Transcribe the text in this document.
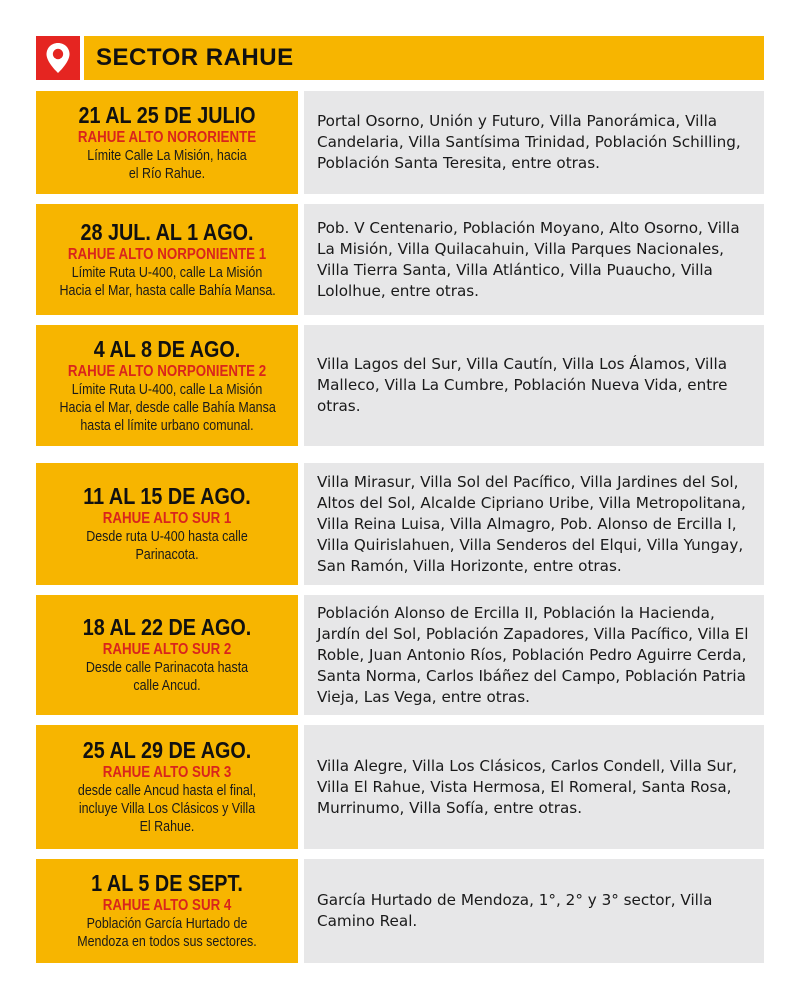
SECTOR RAHUE
21 AL 25 DE JULIO
RAHUE ALTO NORORIENTE
Límite Calle La Misión, hacia
el Río Rahue.
Portal Osorno, Unión y Futuro, Villa Panorámica, Villa Candelaria, Villa Santísima Trinidad, Población Schilling, Población Santa Teresita, entre otras.
28 JUL. AL 1 AGO.
RAHUE ALTO NORPONIENTE 1
Límite Ruta U-400, calle La Misión
Hacia el Mar, hasta calle Bahía Mansa.
Pob. V Centenario, Población Moyano, Alto Osorno, Villa La Misión, Villa Quilacahuin, Villa Parques Nacionales, Villa Tierra Santa, Villa Atlántico, Villa Puaucho, Villa Lololhue, entre otras.
4 AL 8 DE AGO.
RAHUE ALTO NORPONIENTE 2
Límite Ruta U-400, calle La Misión
Hacia el Mar, desde calle Bahía Mansa
hasta el límite urbano comunal.
Villa Lagos del Sur, Villa Cautín, Villa Los Álamos, Villa Malleco, Villa La Cumbre, Población Nueva Vida, entre otras.
11 AL 15 DE AGO.
RAHUE ALTO SUR 1
Desde ruta U-400 hasta calle
Parinacota.
Villa Mirasur, Villa Sol del Pacífico, Villa Jardines del Sol, Altos del Sol, Alcalde Cipriano Uribe, Villa Metropolitana, Villa Reina Luisa, Villa Almagro, Pob. Alonso de Ercilla I, Villa Quirislahuen, Villa Senderos del Elqui, Villa Yungay, San Ramón, Villa Horizonte, entre otras.
18 AL 22 DE AGO.
RAHUE ALTO SUR 2
Desde calle Parinacota hasta
calle Ancud.
Población Alonso de Ercilla II, Población la Hacienda, Jardín del Sol, Población Zapadores, Villa Pacífico, Villa El Roble, Juan Antonio Ríos, Población Pedro Aguirre Cerda, Santa Norma, Carlos Ibáñez del Campo, Población Patria Vieja, Las Vega, entre otras.
25 AL 29 DE AGO.
RAHUE ALTO SUR 3
desde calle Ancud hasta el final,
incluye Villa Los Clásicos y Villa
El Rahue.
Villa Alegre, Villa Los Clásicos, Carlos Condell, Villa Sur, Villa El Rahue, Vista Hermosa, El Romeral, Santa Rosa, Murrinumo, Villa Sofía, entre otras.
1 AL 5 DE SEPT.
RAHUE ALTO SUR 4
Población García Hurtado de
Mendoza en todos sus sectores.
García Hurtado de Mendoza, 1°, 2° y 3° sector, Villa Camino Real.
